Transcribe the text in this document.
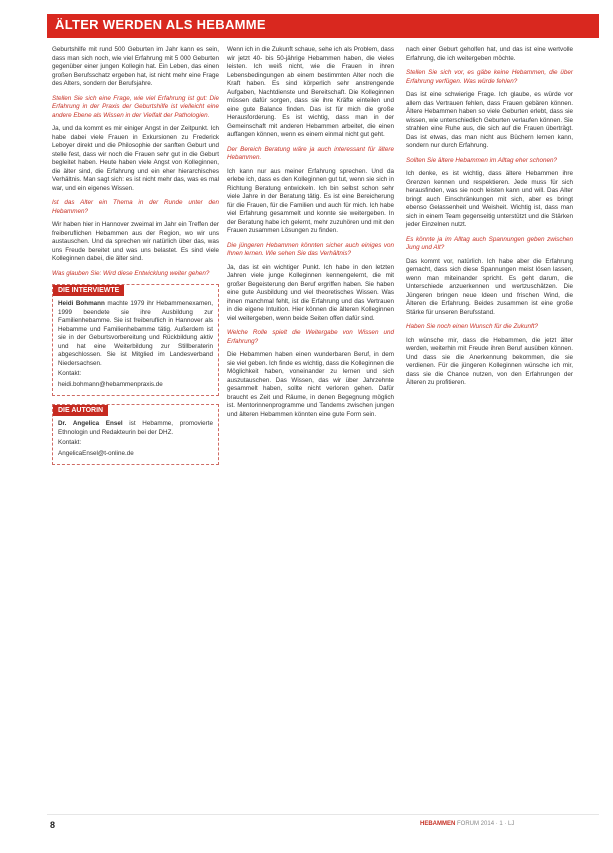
ÄLTER WERDEN ALS HEBAMME

Geburtshilfe mit rund 500 Geburten im Jahr kann es sein, dass man sich noch, wie viel Erfahrung mit 5 000 Geburten gegenüber einer jungen Kollegin hat. Ein Leben, das einen großen Berufsschatz ergeben hat, ist nicht mehr eine Frage des Alters, sondern der Berufsjahre.

Stellen Sie sich eine Frage, wie viel Erfahrung ist gut: Die Erfahrung in der Praxis der Geburtshilfe ist vielleicht eine andere Ebene als Wissen in der Vielfalt der Pathologien.

Ja, und da kommt es mir einiger Angst in der Zeitpunkt. Ich habe dabei viele Frauen in Exkursionen zu Frederick Leboyer direkt und die Philosophie der sanften Geburt und stelle fest, dass wir noch die Frauen sehr gut in die Geburt begleitet haben. Heute haben viele Angst von Kolleginnen, die älter sind, die Erfahrung und ein eher hierarchisches Verhältnis. Man sagt sich: es ist nicht mehr das, was es mal war, und ein eigenes Wissen.

Ist das Alter ein Thema in der Runde unter den Hebammen?

Wir haben hier in Hannover zweimal im Jahr ein Treffen der freiberuflichen Hebammen aus der Region, wo wir uns austauschen. Und da sprechen wir natürlich über das, was uns Freude bereitet und was uns belastet. Es sind viele Kolleginnen dabei, die älter sind.

Was glauben Sie: Wird diese Entwicklung weiter gehen?

DIE INTERVIEWTE

Heidi Bohmann machte 1979 ihr Hebammenexamen, 1999 beendete sie ihre Ausbildung zur Familienhebamme. Sie ist freiberuflich in Hannover als Hebamme und Familienhebamme tätig. Außerdem ist sie in der Geburtsvorbereitung und Rückbildung aktiv und hat eine Weiterbildung zur Stillberaterin abgeschlossen. Sie ist Mitglied im Landesverband Niedersachsen.

Kontakt:

heidi.bohmann@hebammenpraxis.de

DIE AUTORIN

Dr. Angelica Ensel ist Hebamme, promovierte Ethnologin und Redakteurin bei der DHZ.

Kontakt:

AngelicaEnsel@t-online.de

Wenn ich in die Zukunft schaue, sehe ich als Problem, dass wir jetzt 40- bis 50-jährige Hebammen haben, die vieles leisten. Ich weiß nicht, wie die Frauen in ihren Lebensbedingungen ab einem bestimmten Alter noch die Kraft haben. Es sind körperlich sehr anstrengende Aufgaben, Nachtdienste und Bereitschaft. Die Kolleginnen müssen dafür sorgen, dass sie ihre Kräfte einteilen und eine gute Balance finden. Das ist für mich die große Herausforderung. Es ist wichtig, dass man in der Gemeinschaft mit anderen Hebammen arbeitet, die einen auffangen können, wenn es einem einmal nicht gut geht.

Der Bereich Beratung wäre ja auch interessant für ältere Hebammen.

Ich kann nur aus meiner Erfahrung sprechen. Und da erlebe ich, dass es den Kolleginnen gut tut, wenn sie sich in Richtung Beratung entwickeln. Ich bin selbst schon sehr viele Jahre in der Beratung tätig. Es ist eine Bereicherung für die Frauen, für die Familien und auch für mich. Ich habe viel Erfahrung gesammelt und konnte sie weitergeben. In der Beratung habe ich gelernt, mehr zuzuhören und mit den Frauen zusammen Lösungen zu finden.

Die jüngeren Hebammen könnten sicher auch einiges von Ihnen lernen. Wie sehen Sie das Verhältnis?

Ja, das ist ein wichtiger Punkt. Ich habe in den letzten Jahren viele junge Kolleginnen kennengelernt, die mit großer Begeisterung den Beruf ergriffen haben. Sie haben eine gute Ausbildung und viel theoretisches Wissen. Was ihnen manchmal fehlt, ist die Erfahrung und das Vertrauen in die eigene Intuition. Hier können die älteren Kolleginnen viel weitergeben, wenn beide Seiten offen dafür sind.

Welche Rolle spielt die Weitergabe von Wissen und Erfahrung?

Die Hebammen haben einen wunderbaren Beruf, in dem sie viel geben. Ich finde es wichtig, dass die Kolleginnen die Möglichkeit haben, voneinander zu lernen und sich auszutauschen. Das Wissen, das wir über Jahrzehnte gesammelt haben, sollte nicht verloren gehen. Dafür braucht es Zeit und Räume, in denen Begegnung möglich ist. Mentorinnenprogramme und Tandems zwischen jungen und älteren Hebammen könnten eine gute Form sein.

nach einer Geburt geholfen hat, und das ist eine wertvolle Erfahrung, die ich weitergeben möchte.

Stellen Sie sich vor, es gäbe keine Hebammen, die über Erfahrung verfügen. Was würde fehlen?

Das ist eine schwierige Frage. Ich glaube, es würde vor allem das Vertrauen fehlen, dass Frauen gebären können. Ältere Hebammen haben so viele Geburten erlebt, dass sie wissen, wie unterschiedlich Geburten verlaufen können. Sie strahlen eine Ruhe aus, die sich auf die Frauen überträgt. Das ist etwas, das man nicht aus Büchern lernen kann, sondern nur durch Erfahrung.

Sollten Sie ältere Hebammen im Alltag eher schonen?

Ich denke, es ist wichtig, dass ältere Hebammen ihre Grenzen kennen und respektieren. Jede muss für sich herausfinden, was sie noch leisten kann und will. Das Alter bringt auch Einschränkungen mit sich, aber es bringt ebenso Gelassenheit und Weisheit. Wichtig ist, dass man sich in einem Team gegenseitig unterstützt und die Stärken jeder Einzelnen nutzt.

Es könnte ja im Alltag auch Spannungen geben zwischen Jung und Alt?

Das kommt vor, natürlich. Ich habe aber die Erfahrung gemacht, dass sich diese Spannungen meist lösen lassen, wenn man miteinander spricht. Es geht darum, die Unterschiede anzuerkennen und wertzuschätzen. Die Jüngeren bringen neue Ideen und frischen Wind, die Älteren die Erfahrung. Beides zusammen ist eine große Stärke für unseren Berufsstand.

Haben Sie noch einen Wunsch für die Zukunft?

Ich wünsche mir, dass die Hebammen, die jetzt älter werden, weiterhin mit Freude ihren Beruf ausüben können. Und dass sie die Anerkennung bekommen, die sie verdienen. Für die jüngeren Kolleginnen wünsche ich mir, dass sie die Chance nutzen, von den Erfahrungen der Älteren zu profitieren.

8	HEBAMMEN FORUM 2014 · 1 · LJ
